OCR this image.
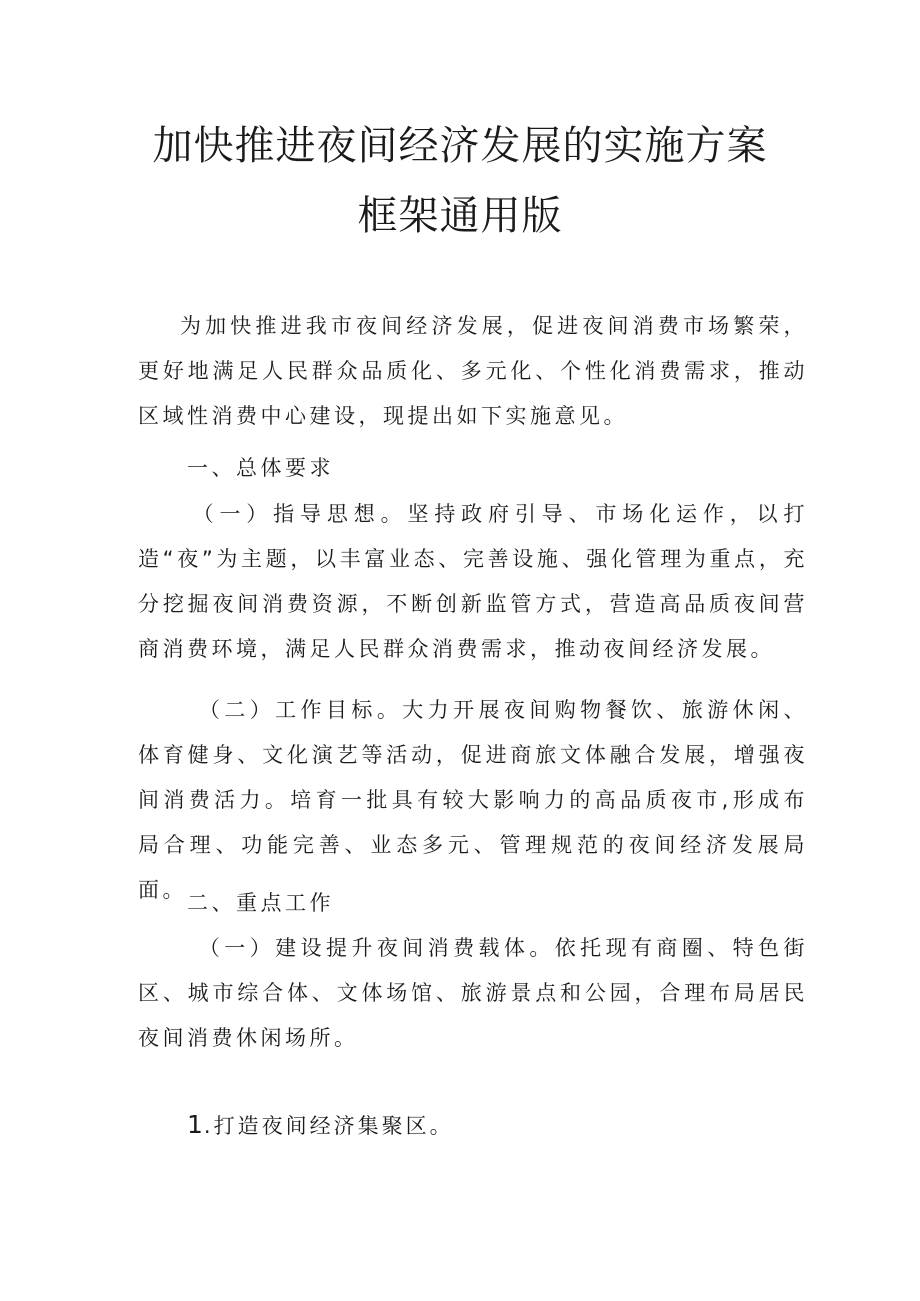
加快推进夜间经济发展的实施方案
框架通用版

为加快推进我市夜间经济发展，促进夜间消费市场繁荣，更好地满足人民群众品质化、多元化、个性化消费需求，推动区域性消费中心建设，现提出如下实施意见。

一、总体要求

（一）指导思想。坚持政府引导、市场化运作，以打造“夜”为主题，以丰富业态、完善设施、强化管理为重点，充分挖掘夜间消费资源，不断创新监管方式，营造高品质夜间营商消费环境，满足人民群众消费需求，推动夜间经济发展。

（二）工作目标。大力开展夜间购物餐饮、旅游休闲、体育健身、文化演艺等活动，促进商旅文体融合发展，增强夜间消费活力。培育一批具有较大影响力的高品质夜市,形成布局合理、功能完善、业态多元、管理规范的夜间经济发展局面。

二、重点工作

（一）建设提升夜间消费载体。依托现有商圈、特色街区、城市综合体、文体场馆、旅游景点和公园，合理布局居民夜间消费休闲场所。

1.打造夜间经济集聚区。
